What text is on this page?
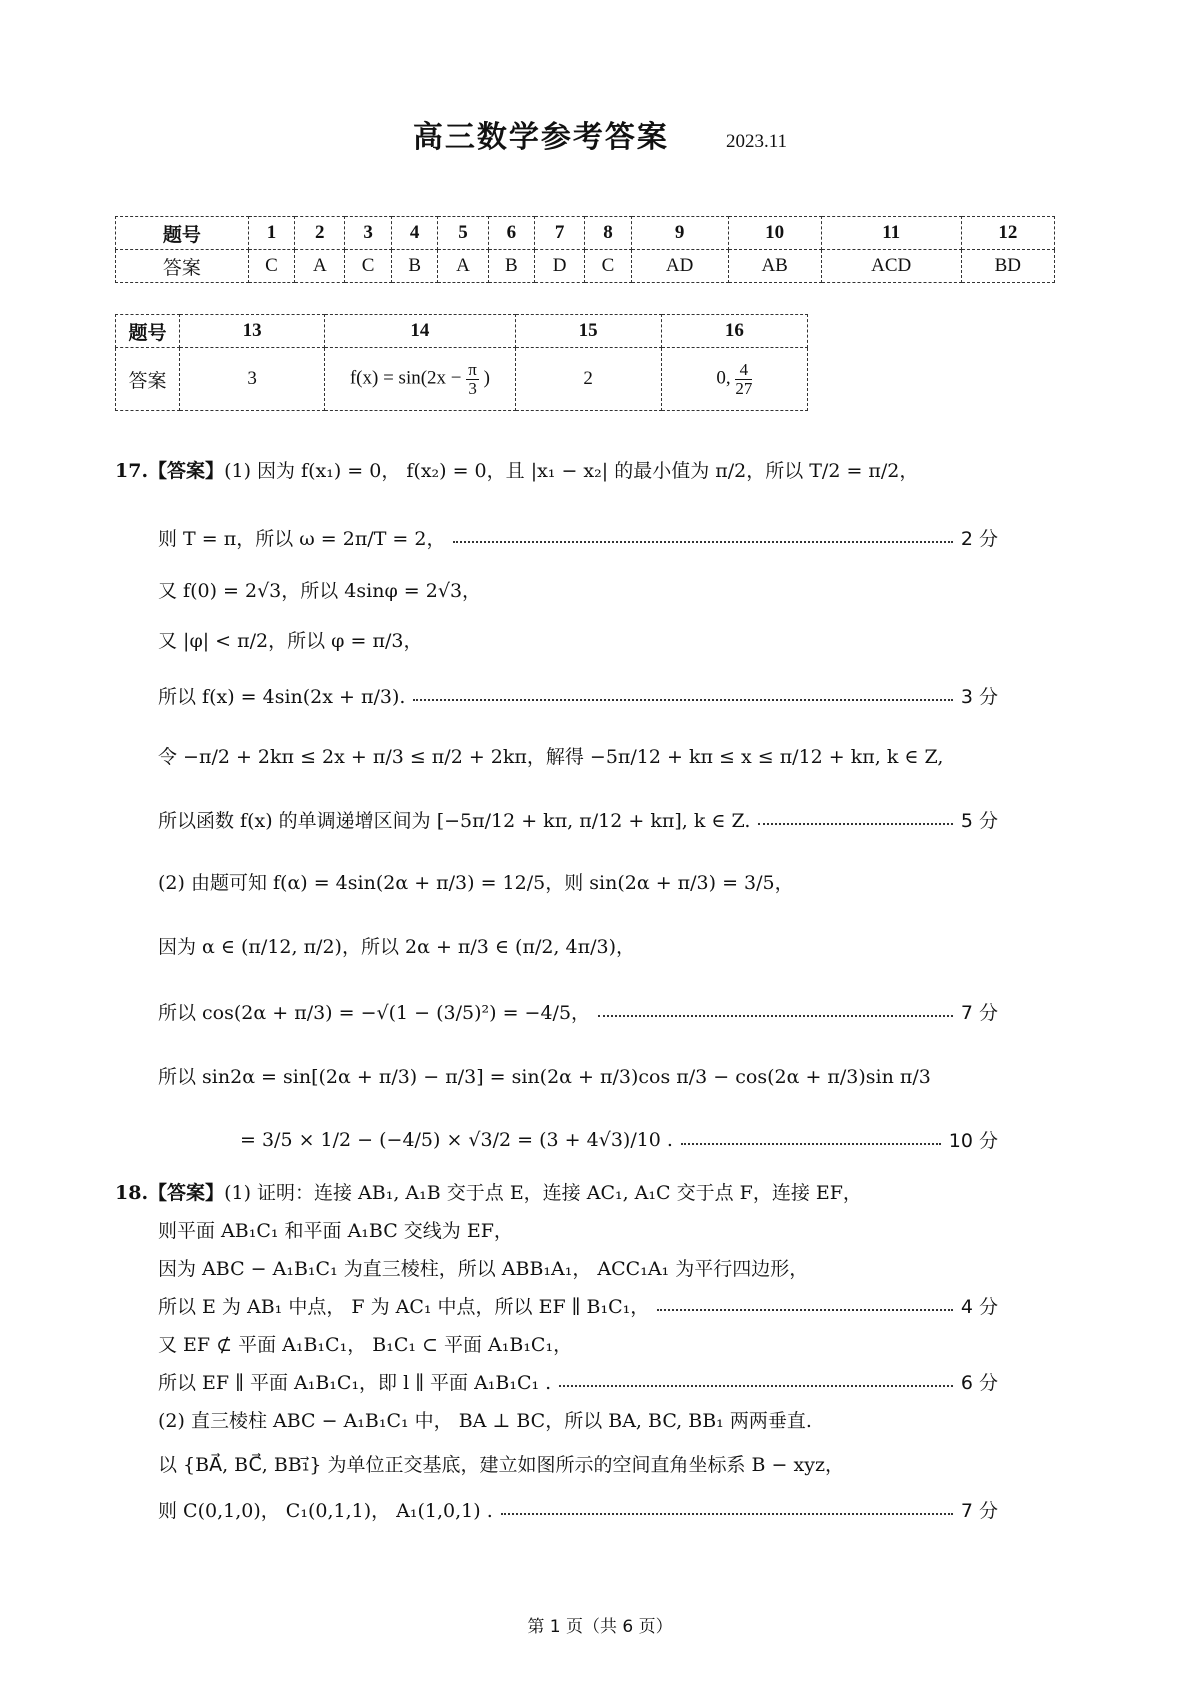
高三数学参考答案	2023.11
题号	1	2	3	4	5	6	7	8	9	10	11	12
答案	C	A	C	B	A	B	D	C	AD	AB	ACD	BD
题号	13	14	15	16
答案	3	$f(x) = \sin(2x - \frac{\pi}{3}$ )	2	0, $\frac{4}{27}$
17.【答案】 (1) 因为 f(x₁) = 0， f(x₂) = 0，且 |x₁ − x₂| 的最小值为 π/2，所以 T/2 = π/2，
则 T = π，所以 ω = 2π/T = 2，	2 分
又 f(0) = 2√3，所以 4sinφ = 2√3，
又 |φ| < π/2，所以 φ = π/3，
所以 f(x) = 4sin(2x + π/3).	3 分
令 −π/2 + 2kπ ≤ 2x + π/3 ≤ π/2 + 2kπ，解得 −5π/12 + kπ ≤ x ≤ π/12 + kπ, k ∈ Z,
所以函数 f(x) 的单调递增区间为 [−5π/12 + kπ, π/12 + kπ], k ∈ Z.	5 分
(2) 由题可知 f(α) = 4sin(2α + π/3) = 12/5，则 sin(2α + π/3) = 3/5，
因为 α ∈ (π/12, π/2)，所以 2α + π/3 ∈ (π/2, 4π/3)，
所以 cos(2α + π/3) = −√(1 − (3/5)²) = −4/5，	7 分
所以 sin2α = sin[(2α + π/3) − π/3] = sin(2α + π/3)cos π/3 − cos(2α + π/3)sin π/3
= 3/5 × 1/2 − (−4/5) × √3/2 = (3 + 4√3)/10 .	10 分
18.【答案】 (1) 证明：连接 AB₁, A₁B 交于点 E，连接 AC₁, A₁C 交于点 F，连接 EF，
则平面 AB₁C₁ 和平面 A₁BC 交线为 EF，
因为 ABC − A₁B₁C₁ 为直三棱柱，所以 ABB₁A₁， ACC₁A₁ 为平行四边形，
所以 E 为 AB₁ 中点， F 为 AC₁ 中点，所以 EF ∥ B₁C₁，	4 分
又 EF ⊄ 平面 A₁B₁C₁， B₁C₁ ⊂ 平面 A₁B₁C₁，
所以 EF ∥ 平面 A₁B₁C₁，即 l ∥ 平面 A₁B₁C₁ .	6 分
(2) 直三棱柱 ABC − A₁B₁C₁ 中， BA ⊥ BC，所以 BA, BC, BB₁ 两两垂直.
以 {BA⃗, BC⃗, BB₁⃗} 为单位正交基底，建立如图所示的空间直角坐标系 B − xyz，
则 C(0,1,0)， C₁(0,1,1)， A₁(1,0,1) .	7 分
第 1 页（共 6 页）
